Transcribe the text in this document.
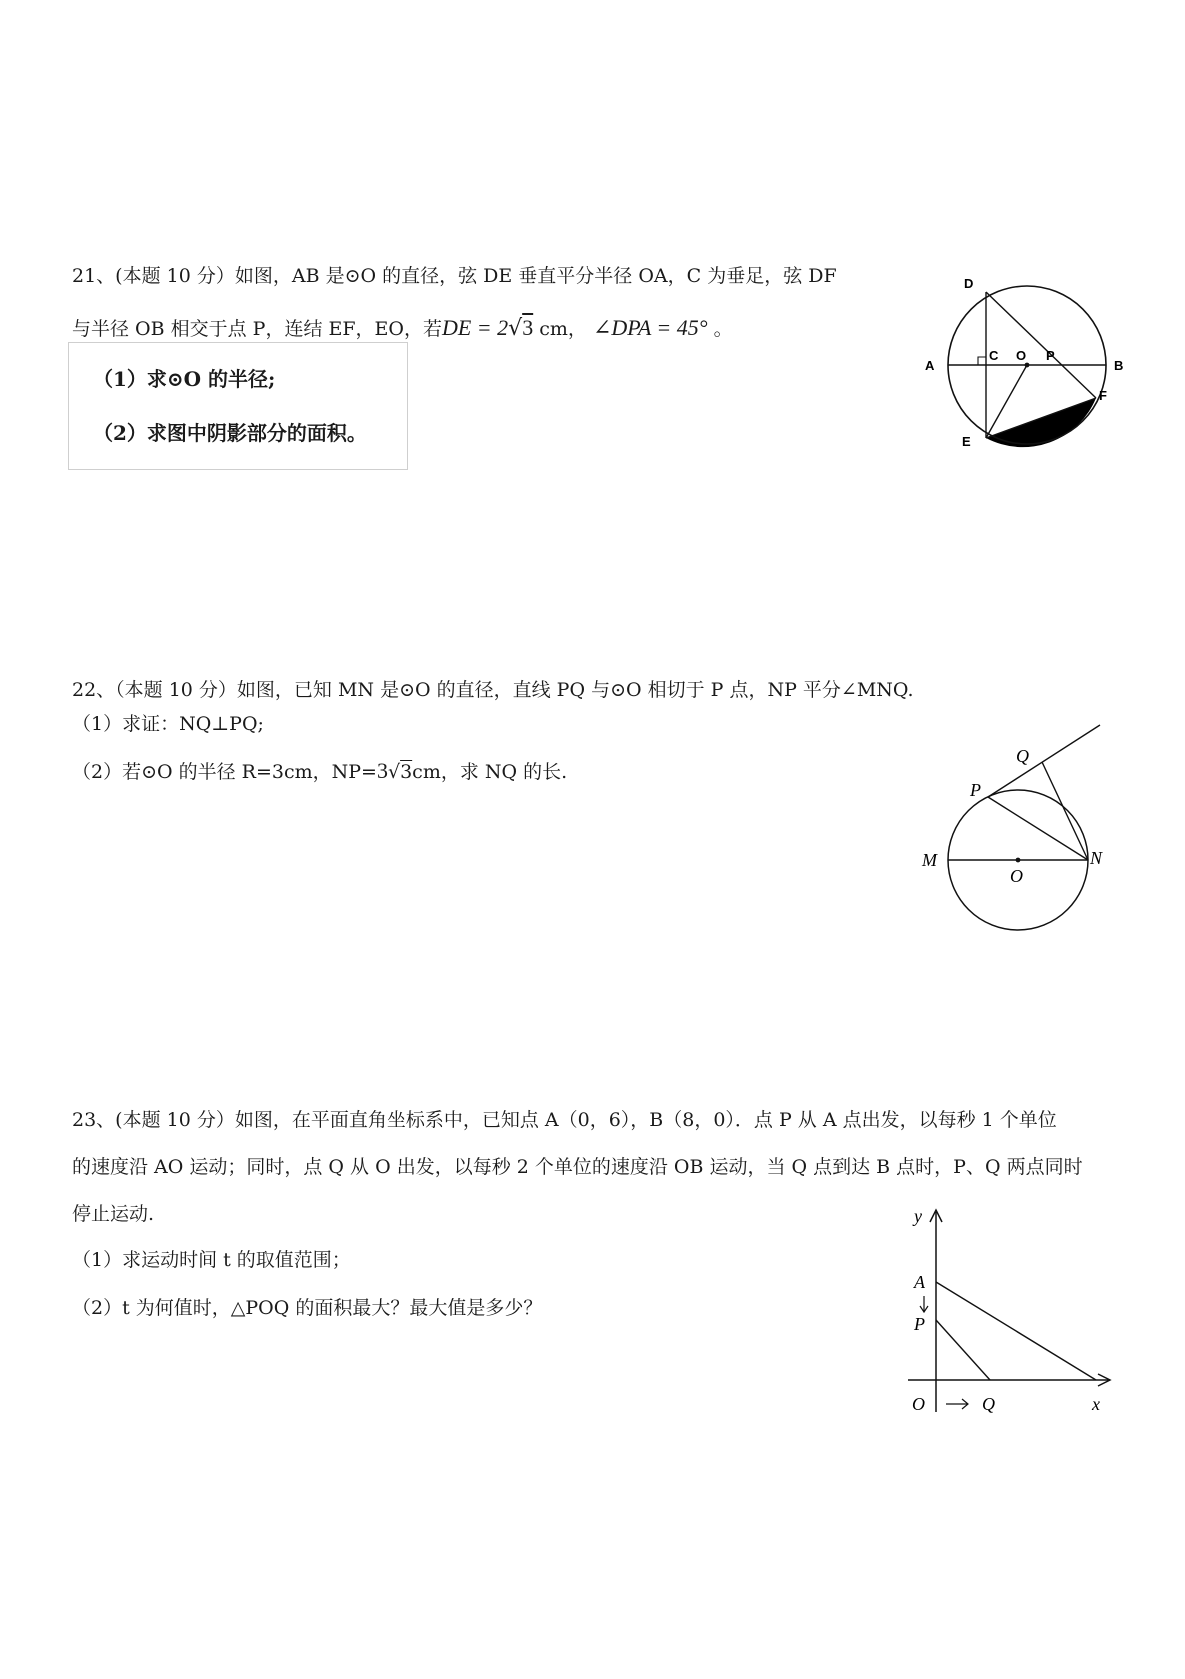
21、(本题 10 分）如图，AB 是⊙O 的直径，弦 DE 垂直平分半径 OA，C 为垂足，弦 DF
与半径 OB 相交于点 P，连结 EF，EO，若DE = 2√3 cm， ∠DPA = 45° 。
（1）求⊙O 的半径;
（2）求图中阴影部分的面积。
D
A
C O P
B
F
E
22、（本题 10 分）如图，已知 MN 是⊙O 的直径，直线 PQ 与⊙O 相切于 P 点，NP 平分∠MNQ.
（1）求证：NQ⊥PQ;
（2）若⊙O 的半径 R=3cm，NP=3√3cm，求 NQ 的长.
Q
P
M
O
N
23、(本题 10 分）如图，在平面直角坐标系中，已知点 A（0，6），B（8，0）．点 P 从 A 点出发，以每秒 1 个单位
的速度沿 AO 运动；同时，点 Q 从 O 出发，以每秒 2 个单位的速度沿 OB 运动，当 Q 点到达 B 点时，P、Q 两点同时
停止运动.
（1）求运动时间 t 的取值范围；
（2）t 为何值时，△POQ 的面积最大？最大值是多少？
y
A
P
O	Q	x
